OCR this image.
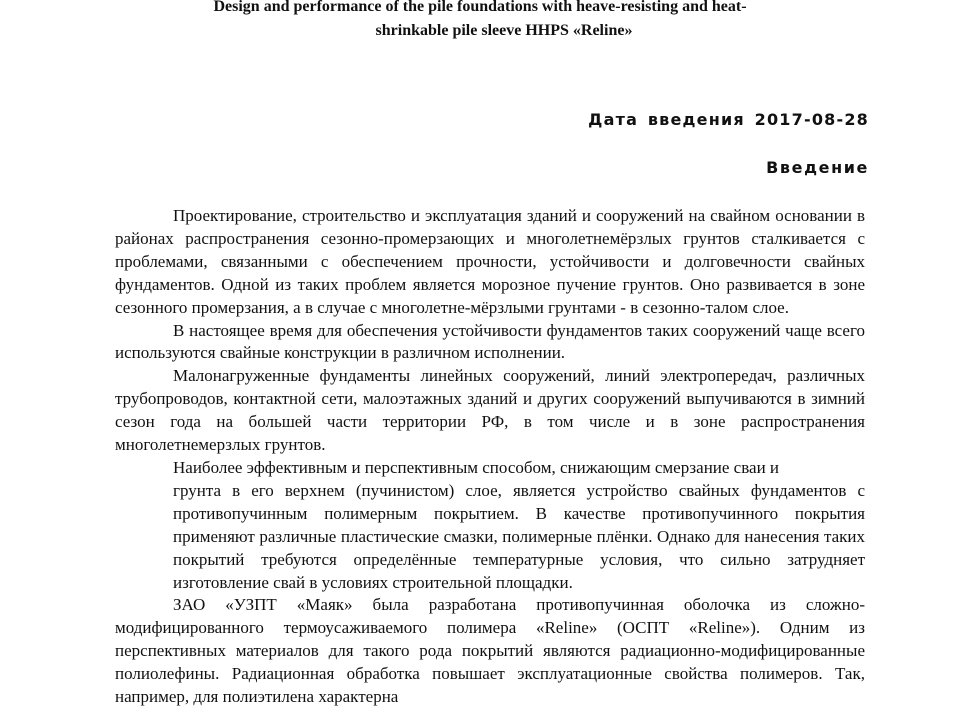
Design and performance of the pile foundations with heave-resisting and heat-
shrinkable pile sleeve HHPS «Reline»
Дата введения 2017-08-28
Введение

Проектирование, строительство и эксплуатация зданий и сооружений на свайном основании в районах распространения сезонно-промерзающих и многолетнемёрзлых грунтов сталкивается с проблемами, связанными с обеспечением прочности, устойчивости и долговечности свайных фундаментов. Одной из таких проблем является морозное пучение грунтов. Оно развивается в зоне сезонного промерзания, а в случае с многолетне-мёрзлыми грунтами - в сезонно-талом слое.

В настоящее время для обеспечения устойчивости фундаментов таких сооружений чаще всего используются свайные конструкции в различном исполнении.

Малонагруженные фундаменты линейных сооружений, линий электропередач, различных трубопроводов, контактной сети, малоэтажных зданий и других сооружений выпучиваются в зимний сезон года на большей части территории РФ, в том числе и в зоне распространения многолетнемерзлых грунтов.

Наиболее эффективным и перспективным способом, снижающим смерзание сваи и

грунта в его верхнем (пучинистом) слое, является устройство свайных фундаментов с противопучинным полимерным покрытием. В качестве противопучинного покрытия применяют различные пластические смазки, полимерные плёнки. Однако для нанесения таких покрытий требуются определённые температурные условия, что сильно затрудняет изготовление свай в условиях строительной площадки.

ЗАО «УЗПТ «Маяк» была разработана противопучинная оболочка из сложно-модифицированного термоусаживаемого полимера «Reline» (ОСПТ «Reline»). Одним из перспективных материалов для такого рода покрытий являются радиационно-модифицированные полиолефины. Радиационная обработка повышает эксплуатационные свойства полимеров. Так, например, для полиэтилена характерна
